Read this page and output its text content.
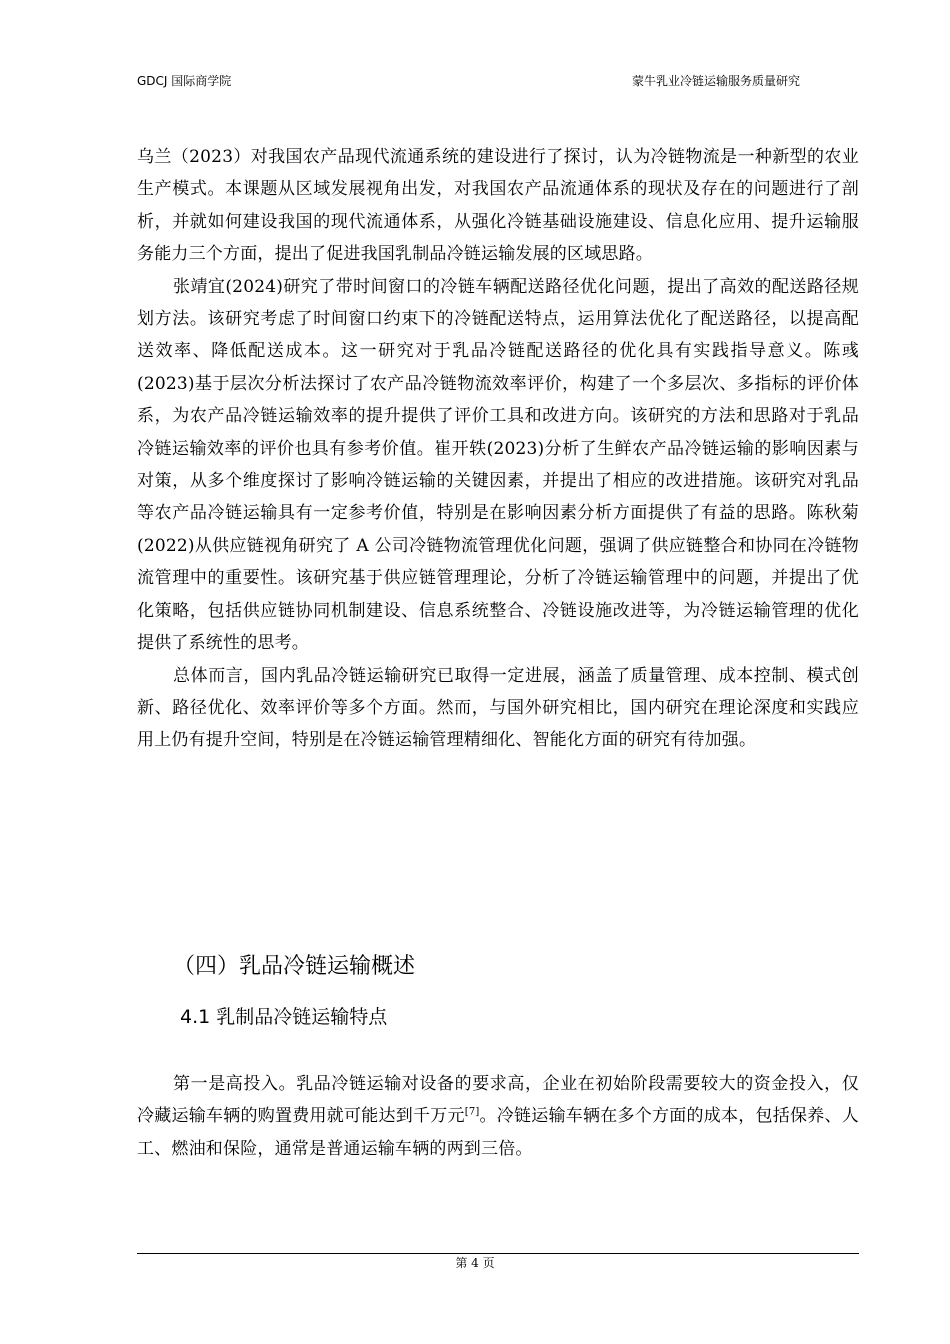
GDCJ 国际商学院	蒙牛乳业冷链运输服务质量研究

乌兰（2023）对我国农产品现代流通系统的建设进行了探讨，认为冷链物流是一种新型的农业生产模式。本课题从区域发展视角出发，对我国农产品流通体系的现状及存在的问题进行了剖析，并就如何建设我国的现代流通体系，从强化冷链基础设施建设、信息化应用、提升运输服务能力三个方面，提出了促进我国乳制品冷链运输发展的区域思路。

张靖宜(2024)研究了带时间窗口的冷链车辆配送路径优化问题，提出了高效的配送路径规划方法。该研究考虑了时间窗口约束下的冷链配送特点，运用算法优化了配送路径，以提高配送效率、降低配送成本。这一研究对于乳品冷链配送路径的优化具有实践指导意义。陈彧(2023)基于层次分析法探讨了农产品冷链物流效率评价，构建了一个多层次、多指标的评价体系，为农产品冷链运输效率的提升提供了评价工具和改进方向。该研究的方法和思路对于乳品冷链运输效率的评价也具有参考价值。崔开轶(2023)分析了生鲜农产品冷链运输的影响因素与对策，从多个维度探讨了影响冷链运输的关键因素，并提出了相应的改进措施。该研究对乳品等农产品冷链运输具有一定参考价值，特别是在影响因素分析方面提供了有益的思路。陈秋菊(2022)从供应链视角研究了 A 公司冷链物流管理优化问题，强调了供应链整合和协同在冷链物流管理中的重要性。该研究基于供应链管理理论，分析了冷链运输管理中的问题，并提出了优化策略，包括供应链协同机制建设、信息系统整合、冷链设施改进等，为冷链运输管理的优化提供了系统性的思考。

总体而言，国内乳品冷链运输研究已取得一定进展，涵盖了质量管理、成本控制、模式创新、路径优化、效率评价等多个方面。然而，与国外研究相比，国内研究在理论深度和实践应用上仍有提升空间，特别是在冷链运输管理精细化、智能化方面的研究有待加强。

（四）乳品冷链运输概述
4.1 乳制品冷链运输特点

第一是高投入。乳品冷链运输对设备的要求高，企业在初始阶段需要较大的资金投入，仅冷藏运输车辆的购置费用就可能达到千万元[7]。冷链运输车辆在多个方面的成本，包括保养、人工、燃油和保险，通常是普通运输车辆的两到三倍。

第 4 页
